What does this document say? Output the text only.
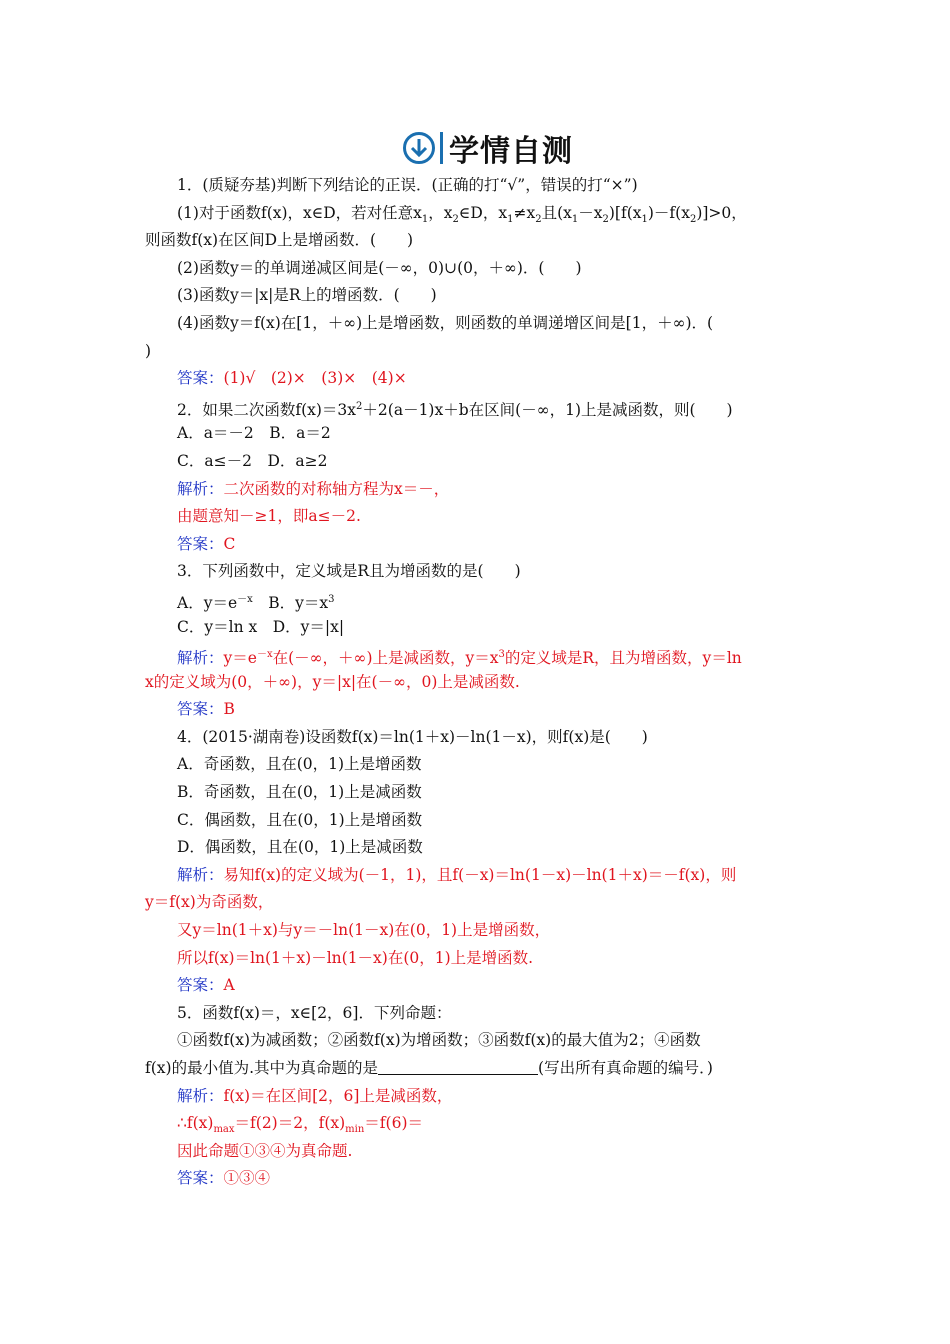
学情自测
1．(质疑夯基)判断下列结论的正误．(正确的打“√”，错误的打“×”)
(1)对于函数f(x)，x∈D，若对任意$x_1$，$x_2\in D$，$x_1\ne x_2$且$(x_1-x_2)[f(x_1)-f(x_2)]>0$，
则函数f(x)在区间D上是增函数．(　　)
(2)函数y＝的单调递减区间是(－∞，0)∪(0，＋∞)．(　　)
(3)函数y＝|x|是R上的增函数．(　　)
(4)函数y＝f(x)在[1，＋∞)上是增函数，则函数的单调递增区间是[1，＋∞)．(
)
答案：(1)√　(2)×　(3)×　(4)×
2．如果二次函数$f(x)=3x^2+2(a-1)x+b$在区间(－∞，1)上是减函数，则(　　)
A．a＝－2　B．a＝2
C．a≤－2　D．a≥2
解析：二次函数的对称轴方程为x＝－，
由题意知－≥1，即a≤－2.
答案：C
3．下列函数中，定义域是R且为增函数的是(　　)
A．$y=e^{-x}$　B．$y=x^3$
C．y＝ln x　D．y＝|x|
解析：$y=e^{-x}$在(－∞，＋∞)上是减函数，$y=x^3$的定义域是R，且为增函数，y＝ln
x的定义域为(0，＋∞)，y＝|x|在(－∞，0)上是减函数.
答案：B
4．(2015·湖南卷)设函数f(x)＝ln(1＋x)－ln(1－x)，则f(x)是(　　)
A．奇函数，且在(0，1)上是增函数
B．奇函数，且在(0，1)上是减函数
C．偶函数，且在(0，1)上是增函数
D．偶函数，且在(0，1)上是减函数
解析：易知f(x)的定义域为(－1，1)，且f(－x)＝ln(1－x)－ln(1＋x)＝－f(x)，则
y＝f(x)为奇函数，
又y＝ln(1＋x)与y＝－ln(1－x)在(0，1)上是增函数，
所以f(x)＝ln(1＋x)－ln(1－x)在(0，1)上是增函数.
答案：A
5．函数f(x)＝，x∈[2，6]．下列命题：
①函数f(x)为减函数；②函数f(x)为增函数；③函数f(x)的最大值为2；④函数
f(x)的最小值为.其中为真命题的是	(写出所有真命题的编号．)
解析：f(x)＝在区间[2，6]上是减函数，
$\therefore f(x)_{max}=f(2)=2$，$f(x)_{min}=f(6)=$
因此命题①③④为真命题.
答案：①③④
